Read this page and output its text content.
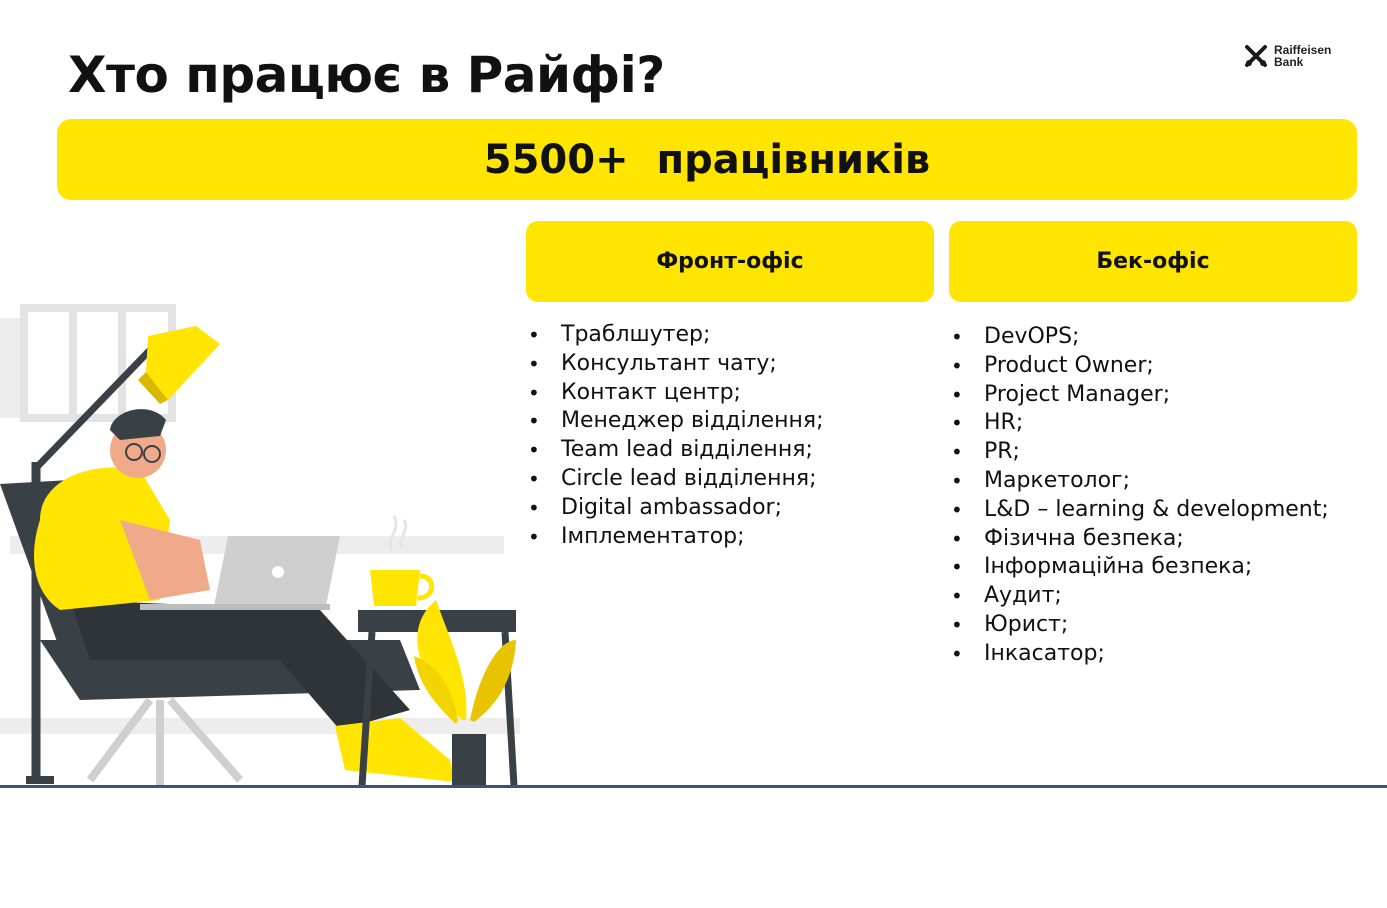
Хто працює в Райфі?	Raiffeisen
Bank
5500+  працівників
Фронт-офіс	Бек-офіс
• Траблшутер;
• Консультант чату;
• Контакт центр;
• Менеджер відділення;
• Team lead відділення;
• Circle lead відділення;
• Digital ambassador;
• Імплементатор;
• DevOPS;
• Product Owner;
• Project Manager;
• HR;
• PR;
• Маркетолог;
• L&D – learning & development;
• Фізична безпека;
• Інформаційна безпека;
• Аудит;
• Юрист;
• Інкасатор;
